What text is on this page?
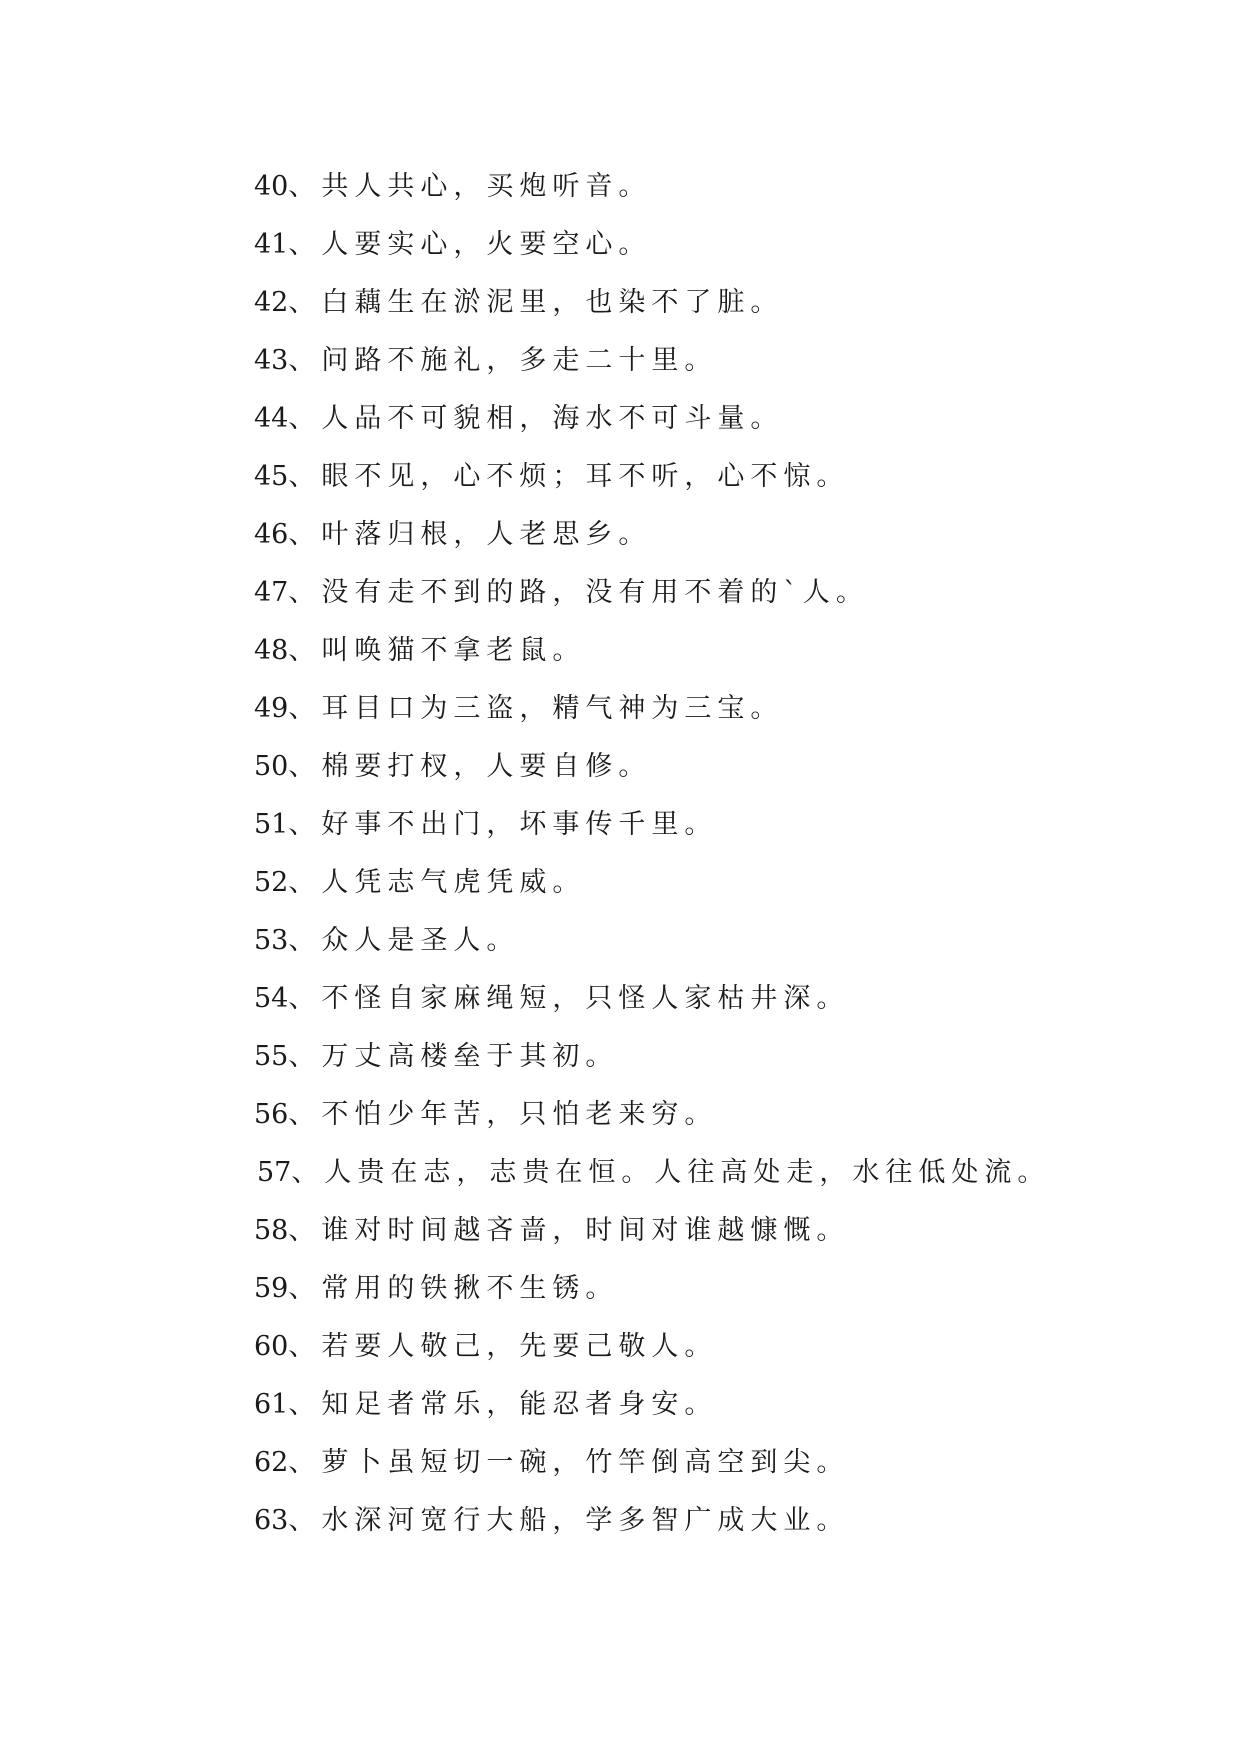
40、共人共心，买炮听音。
41、人要实心，火要空心。
42、白藕生在淤泥里，也染不了脏。
43、问路不施礼，多走二十里。
44、人品不可貌相，海水不可斗量。
45、眼不见，心不烦；耳不听，心不惊。
46、叶落归根，人老思乡。
47、没有走不到的路，没有用不着的`人。
48、叫唤猫不拿老鼠。
49、耳目口为三盗，精气神为三宝。
50、棉要打杈，人要自修。
51、好事不出门，坏事传千里。
52、人凭志气虎凭威。
53、众人是圣人。
54、不怪自家麻绳短，只怪人家枯井深。
55、万丈高楼垒于其初。
56、不怕少年苦，只怕老来穷。
57、人贵在志，志贵在恒。人往高处走，水往低处流。
58、谁对时间越吝啬，时间对谁越慷慨。
59、常用的铁揪不生锈。
60、若要人敬己，先要己敬人。
61、知足者常乐，能忍者身安。
62、萝卜虽短切一碗，竹竿倒高空到尖。
63、水深河宽行大船，学多智广成大业。
